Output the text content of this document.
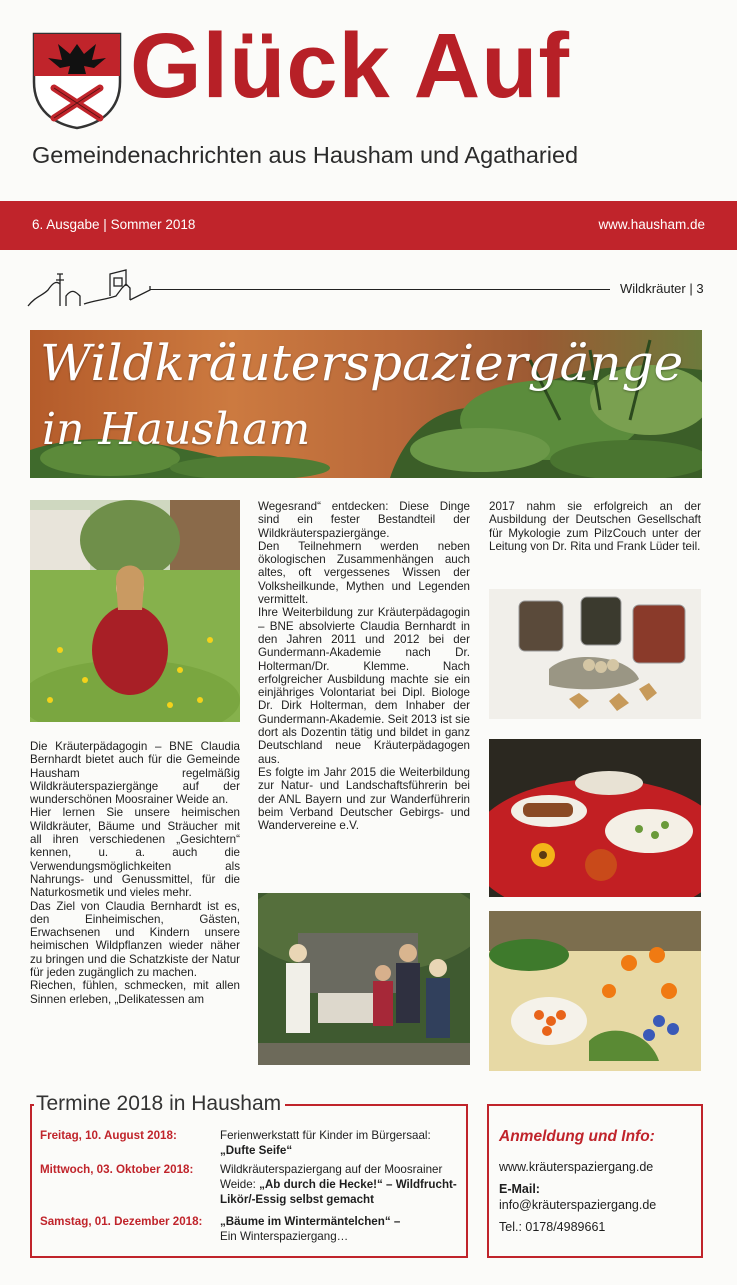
Glück Auf
Gemeindenachrichten aus Hausham und Agatharied
6. Ausgabe | Sommer 2018	www.hausham.de
Wildkräuter | 3
Wildkräuterspaziergänge
in Hausham

Die Kräuterpädagogin – BNE Claudia Bernhardt bietet auch für die Gemeinde Hausham regelmäßig Wildkräuterspaziergänge auf der wunderschönen Moosrainer Weide an.
Hier lernen Sie unsere heimischen Wildkräuter, Bäume und Sträucher mit all ihren verschiedenen „Gesichtern“ kennen, u. a. auch die Verwendungsmöglichkeiten als Nahrungs- und Genussmittel, für die Naturkosmetik und vieles mehr.
Das Ziel von Claudia Bernhardt ist es, den Einheimischen, Gästen, Erwachsenen und Kindern unsere heimischen Wildpflanzen wieder näher zu bringen und die Schatzkiste der Natur für jeden zugänglich zu machen.
Riechen, fühlen, schmecken, mit allen Sinnen erleben, „Delikatessen am

Wegesrand“ entdecken: Diese Dinge sind ein fester Bestandteil der Wildkräuterspaziergänge.
Den Teilnehmern werden neben ökologischen Zusammenhängen auch altes, oft vergessenes Wissen der Volksheilkunde, Mythen und Legenden vermittelt.
Ihre Weiterbildung zur Kräuterpädagogin – BNE absolvierte Claudia Bernhardt in den Jahren 2011 und 2012 bei der Gundermann-Akademie nach Dr. Holterman/Dr. Klemme. Nach erfolgreicher Ausbildung machte sie ein einjähriges Volontariat bei Dipl. Biologe Dr. Dirk Holterman, dem Inhaber der Gundermann-Akademie. Seit 2013 ist sie dort als Dozentin tätig und bildet in ganz Deutschland neue Kräuterpädagogen aus.
Es folgte im Jahr 2015 die Weiterbildung zur Natur- und Landschaftsführerin bei der ANL Bayern und zur Wanderführerin beim Verband Deutscher Gebirgs- und Wandervereine e.V.

2017 nahm sie erfolgreich an der Ausbildung der Deutschen Gesellschaft für Mykologie zum PilzCouch unter der Leitung von Dr. Rita und Frank Lüder teil.

Freitag, 10. August 2018:	Ferienwerkstatt für Kinder im Bürgersaal:
„Dufte Seife“
Mittwoch, 03. Oktober 2018:	Wildkräuterspaziergang auf der Moosrainer Weide: „Ab durch die Hecke!“ – Wildfrucht-Likör/-Essig selbst gemacht
Samstag, 01. Dezember 2018:	„Bäume im Wintermäntelchen“ –
Ein Winterspaziergang…
Termine 2018 in Hausham
Anmeldung und Info:
www.kräuterspaziergang.de
E-Mail:
info@kräuterspaziergang.de
Tel.: 0178/4989661
